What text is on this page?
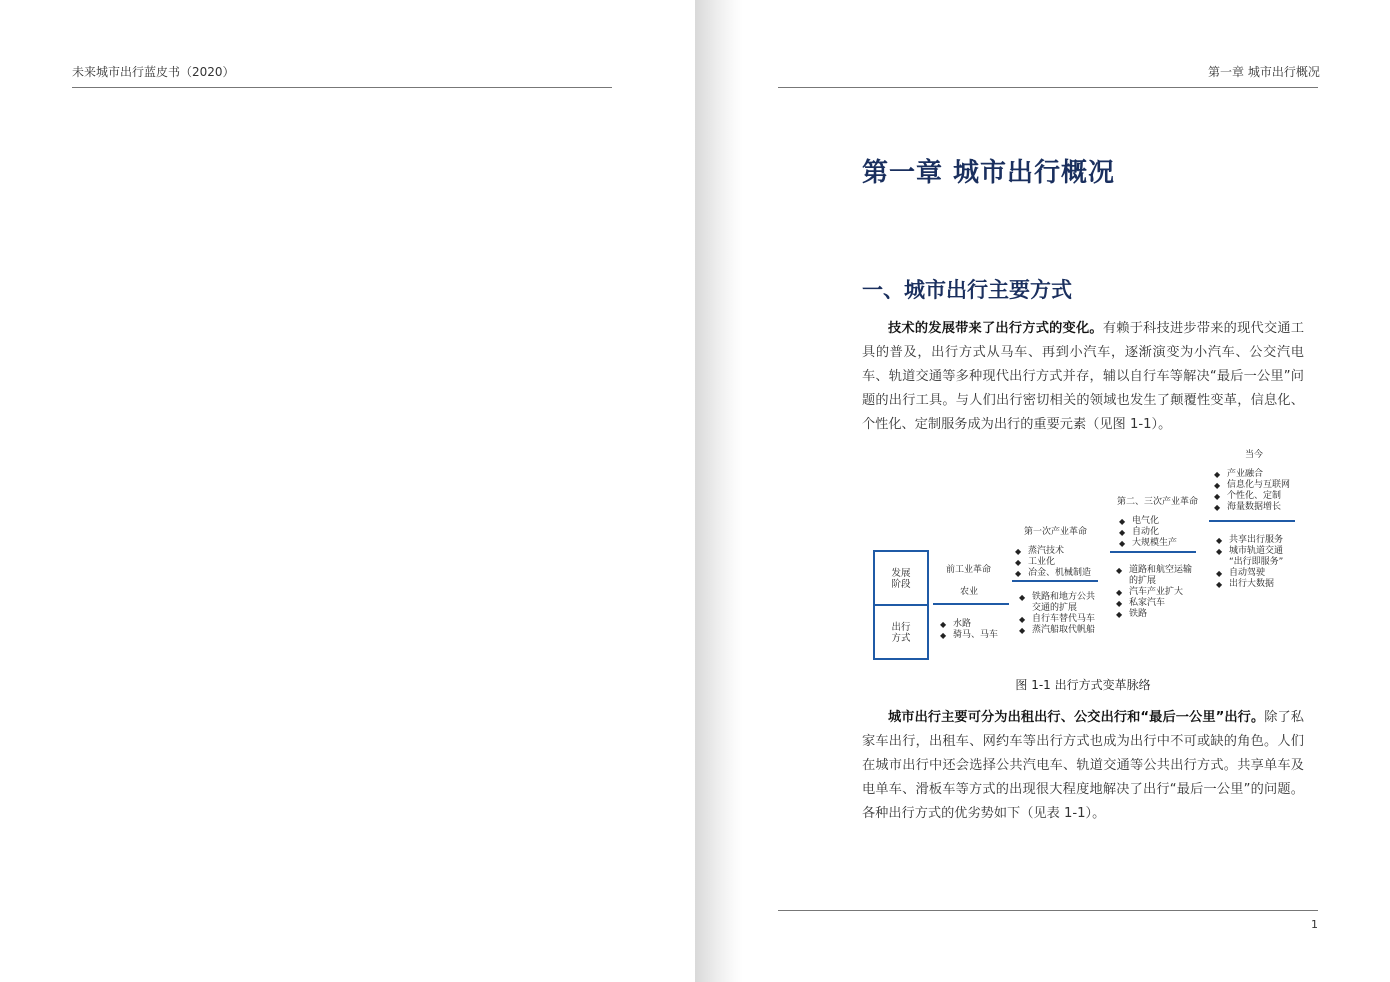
未来城市出行蓝皮书（2020）	第一章 城市出行概况
第一章 城市出行概况
一、城市出行主要方式
技术的发展带来了出行方式的变化。有赖于科技进步带来的现代交通工具的普及，出行方式从马车、再到小汽车，逐渐演变为小汽车、公交汽电车、轨道交通等多种现代出行方式并存，辅以自行车等解决“最后一公里”问题的出行工具。与人们出行密切相关的领域也发生了颠覆性变革，信息化、个性化、定制服务成为出行的重要元素（见图 1-1）。
发展
阶段
出行
方式
前工业革命
农业
◆ 水路
◆ 骑马、马车
第一次产业革命
◆ 蒸汽技术
◆ 工业化
◆ 冶金、机械制造
◆ 铁路和地方公共
交通的扩展
◆ 自行车替代马车
◆ 蒸汽船取代帆船
第二、三次产业革命
◆ 电气化
◆ 自动化
◆ 大规模生产
◆ 道路和航空运输
的扩展
◆ 汽车产业扩大
◆ 私家汽车
◆ 铁路
当今
◆ 产业融合
◆ 信息化与互联网
◆ 个性化、定制
◆ 海量数据增长
◆ 共享出行服务
◆ 城市轨道交通
“出行即服务”
◆ 自动驾驶
◆ 出行大数据
图 1-1 出行方式变革脉络
城市出行主要可分为出租出行、公交出行和“最后一公里”出行。除了私家车出行，出租车、网约车等出行方式也成为出行中不可或缺的角色。人们在城市出行中还会选择公共汽电车、轨道交通等公共出行方式。共享单车及电单车、滑板车等方式的出现很大程度地解决了出行“最后一公里”的问题。各种出行方式的优劣势如下（见表 1-1）。
1
